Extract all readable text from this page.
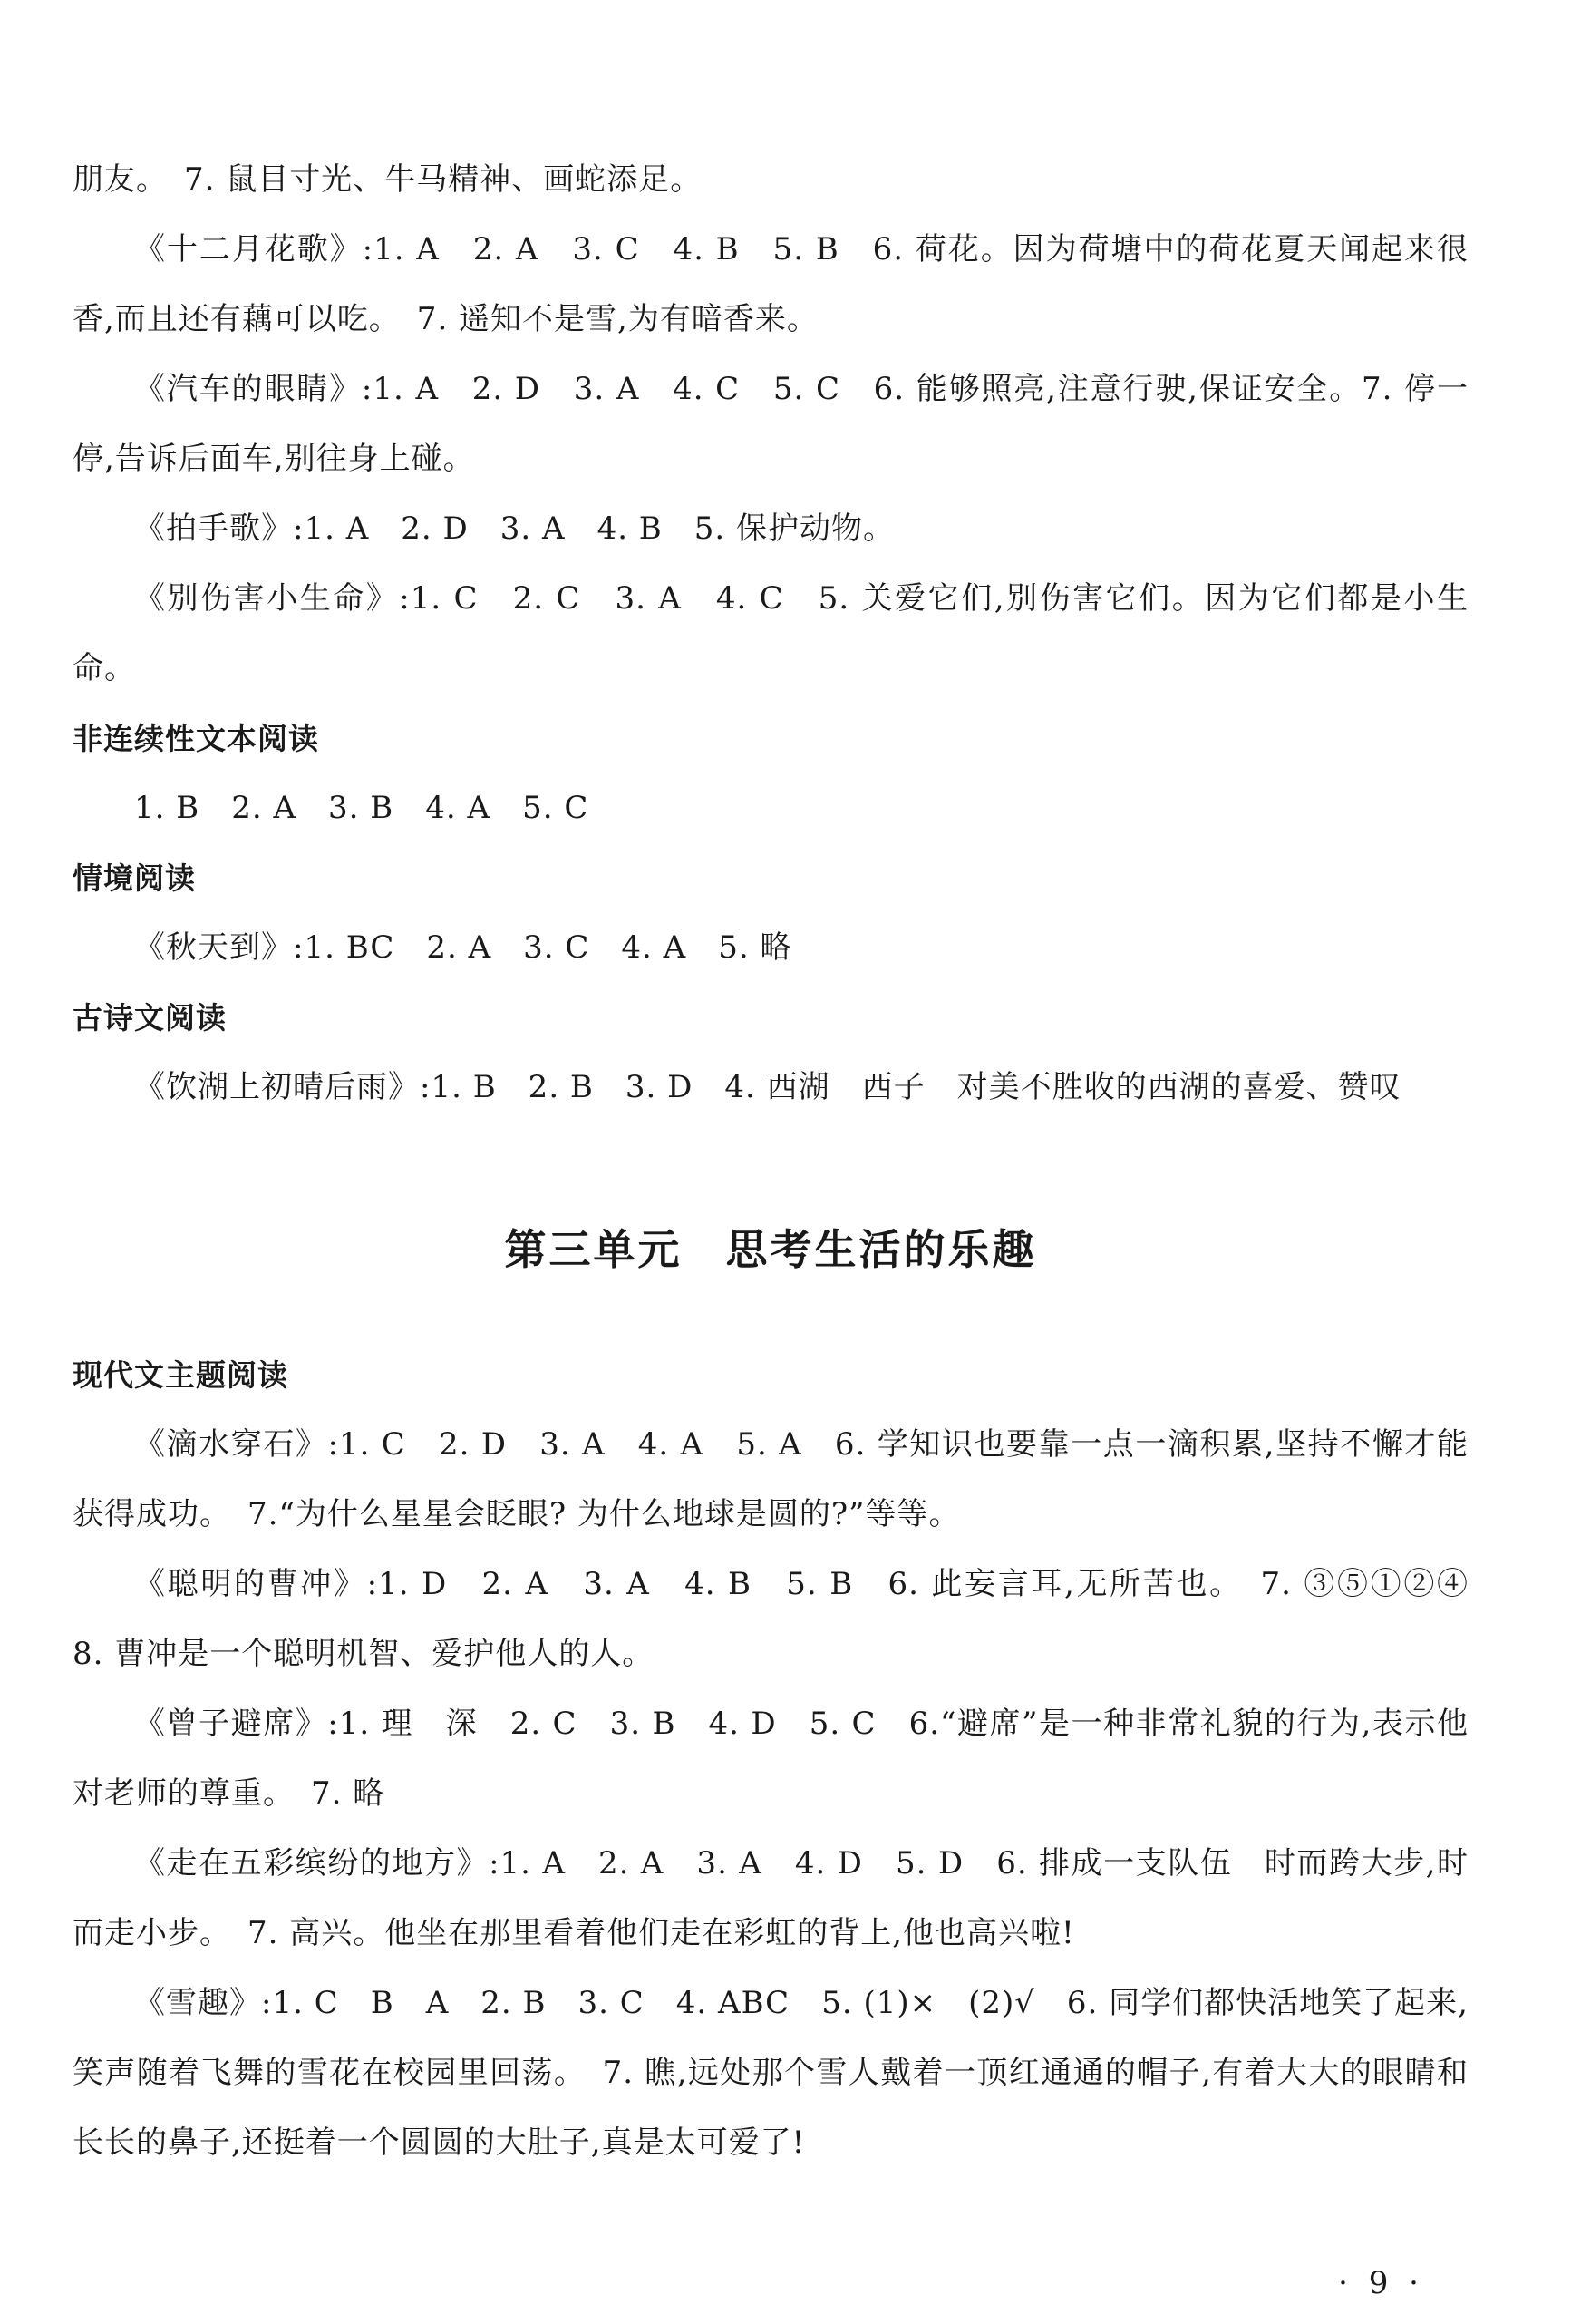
朋友。　7. 鼠目寸光、牛马精神、画蛇添足。

《十二月花歌》:1. A　2. A　3. C　4. B　5. B　6. 荷花。因为荷塘中的荷花夏天闻起来很香,而且还有藕可以吃。　7. 遥知不是雪,为有暗香来。

《汽车的眼睛》:1. A　2. D　3. A　4. C　5. C　6. 能够照亮,注意行驶,保证安全。7. 停一停,告诉后面车,别往身上碰。

《拍手歌》:1. A　2. D　3. A　4. B　5. 保护动物。

《别伤害小生命》:1. C　2. C　3. A　4. C　5. 关爱它们,别伤害它们。因为它们都是小生命。

非连续性文本阅读

1. B　2. A　3. B　4. A　5. C

情境阅读

《秋天到》:1. BC　2. A　3. C　4. A　5. 略

古诗文阅读

《饮湖上初晴后雨》:1. B　2. B　3. D　4. 西湖　西子　对美不胜收的西湖的喜爱、赞叹

第三单元 思考生活的乐趣
现代文主题阅读

《滴水穿石》:1. C　2. D　3. A　4. A　5. A　6. 学知识也要靠一点一滴积累,坚持不懈才能获得成功。　7.“为什么星星会眨眼? 为什么地球是圆的?”等等。

《聪明的曹冲》:1. D　2. A　3. A　4. B　5. B　6. 此妄言耳,无所苦也。　7. ③⑤①②④　8. 曹冲是一个聪明机智、爱护他人的人。

《曾子避席》:1. 理　深　2. C　3. B　4. D　5. C　6.“避席”是一种非常礼貌的行为,表示他对老师的尊重。　7. 略

《走在五彩缤纷的地方》:1. A　2. A　3. A　4. D　5. D　6. 排成一支队伍　时而跨大步,时而走小步。　7. 高兴。他坐在那里看着他们走在彩虹的背上,他也高兴啦!

《雪趣》:1. C　B　A　2. B　3. C　4. ABC　5. (1)×　(2)√　6. 同学们都快活地笑了起来,笑声随着飞舞的雪花在校园里回荡。　7. 瞧,远处那个雪人戴着一顶红通通的帽子,有着大大的眼睛和长长的鼻子,还挺着一个圆圆的大肚子,真是太可爱了!

· 9 ·
